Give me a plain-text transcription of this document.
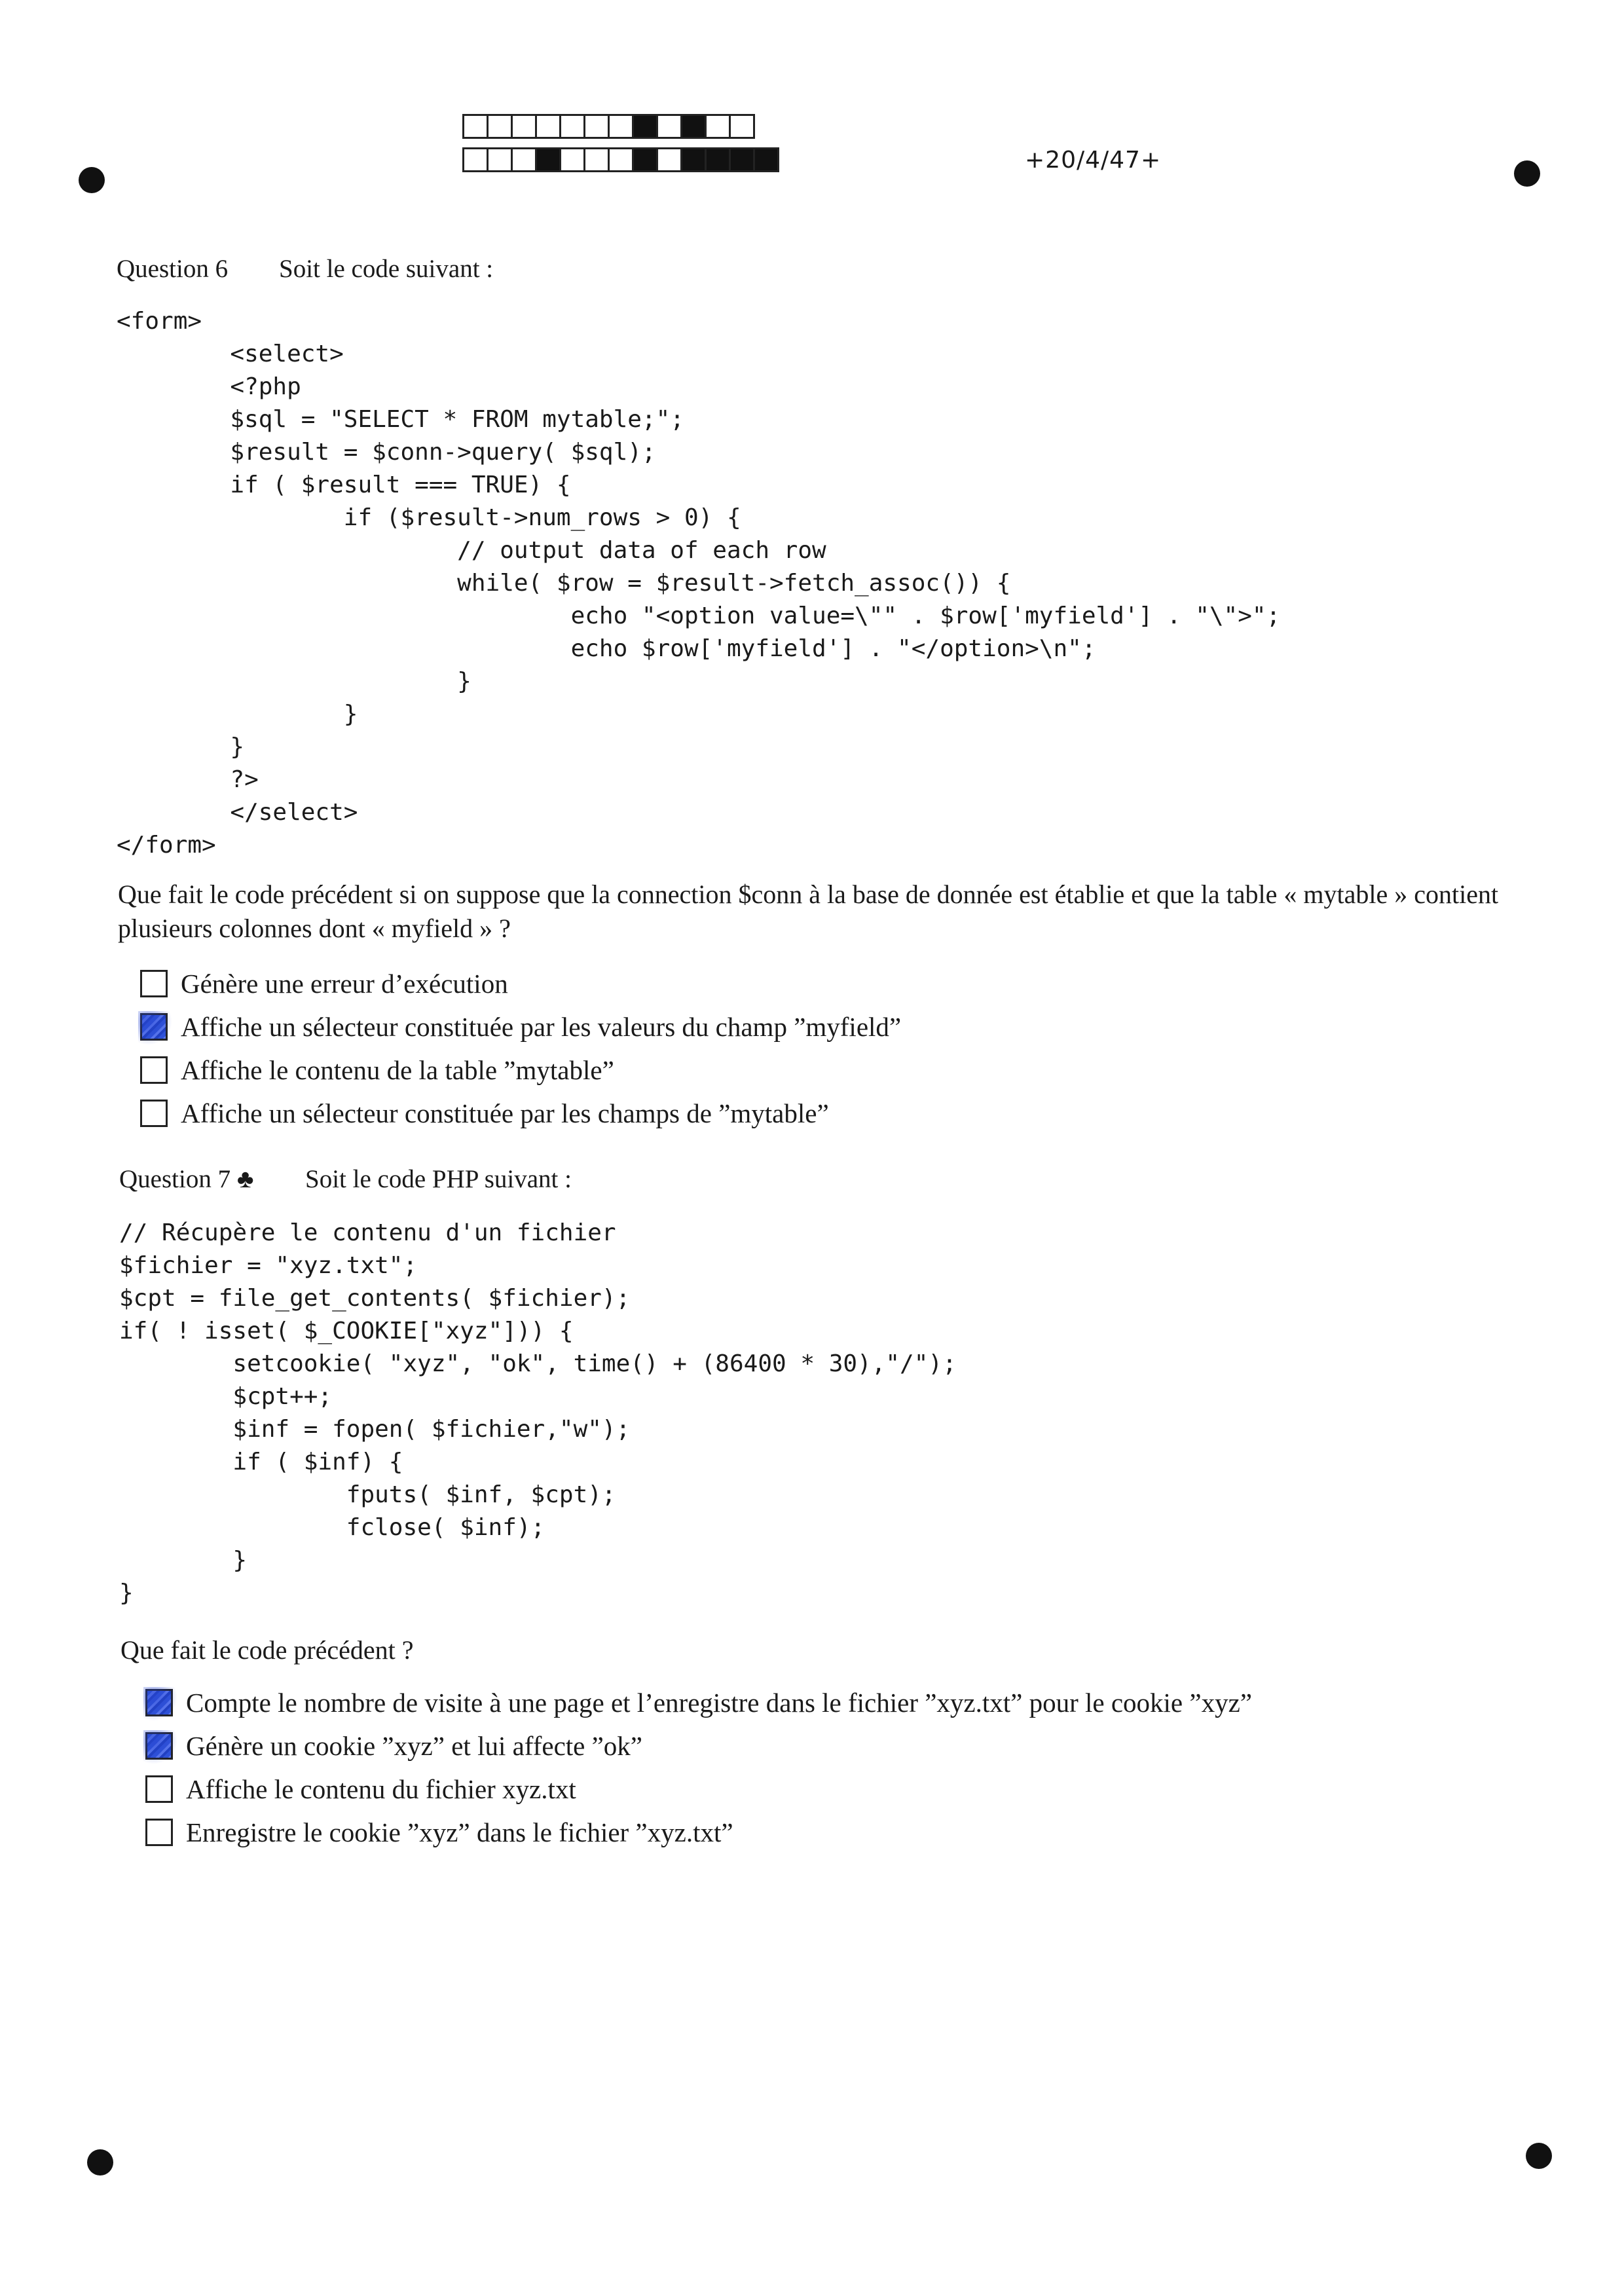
+20/4/47+
Question 6 Soit le code suivant :
<form>
<select>
<?php
$sql = "SELECT * FROM mytable;";
$result = $conn->query( $sql);
if ( $result === TRUE) {
if ($result->num_rows > 0) {
// output data of each row
while( $row = $result->fetch_assoc()) {
echo "<option value=\"" . $row['myfield'] . "\">";
echo $row['myfield'] . "</option>\n";
}
}
}
?>
</select>
</form>
Que fait le code précédent si on suppose que la connection $conn à la base de donnée est établie et que la table « mytable » contient plusieurs colonnes dont « myfield » ?
Génère une erreur d’exécution
Affiche un sélecteur constituée par les valeurs du champ ”myfield”
Affiche le contenu de la table ”mytable”
Affiche un sélecteur constituée par les champs de ”mytable”
Question 7 ♣ Soit le code PHP suivant :
// Récupère le contenu d'un fichier
$fichier = "xyz.txt";
$cpt = file_get_contents( $fichier);
if( ! isset( $_COOKIE["xyz"])) {
setcookie( "xyz", "ok", time() + (86400 * 30),"/");
$cpt++;
$inf = fopen( $fichier,"w");
if ( $inf) {
fputs( $inf, $cpt);
fclose( $inf);
}
}
Que fait le code précédent ?
Compte le nombre de visite à une page et l’enregistre dans le fichier ”xyz.txt” pour le cookie ”xyz”
Génère un cookie ”xyz” et lui affecte ”ok”
Affiche le contenu du fichier xyz.txt
Enregistre le cookie ”xyz” dans le fichier ”xyz.txt”
